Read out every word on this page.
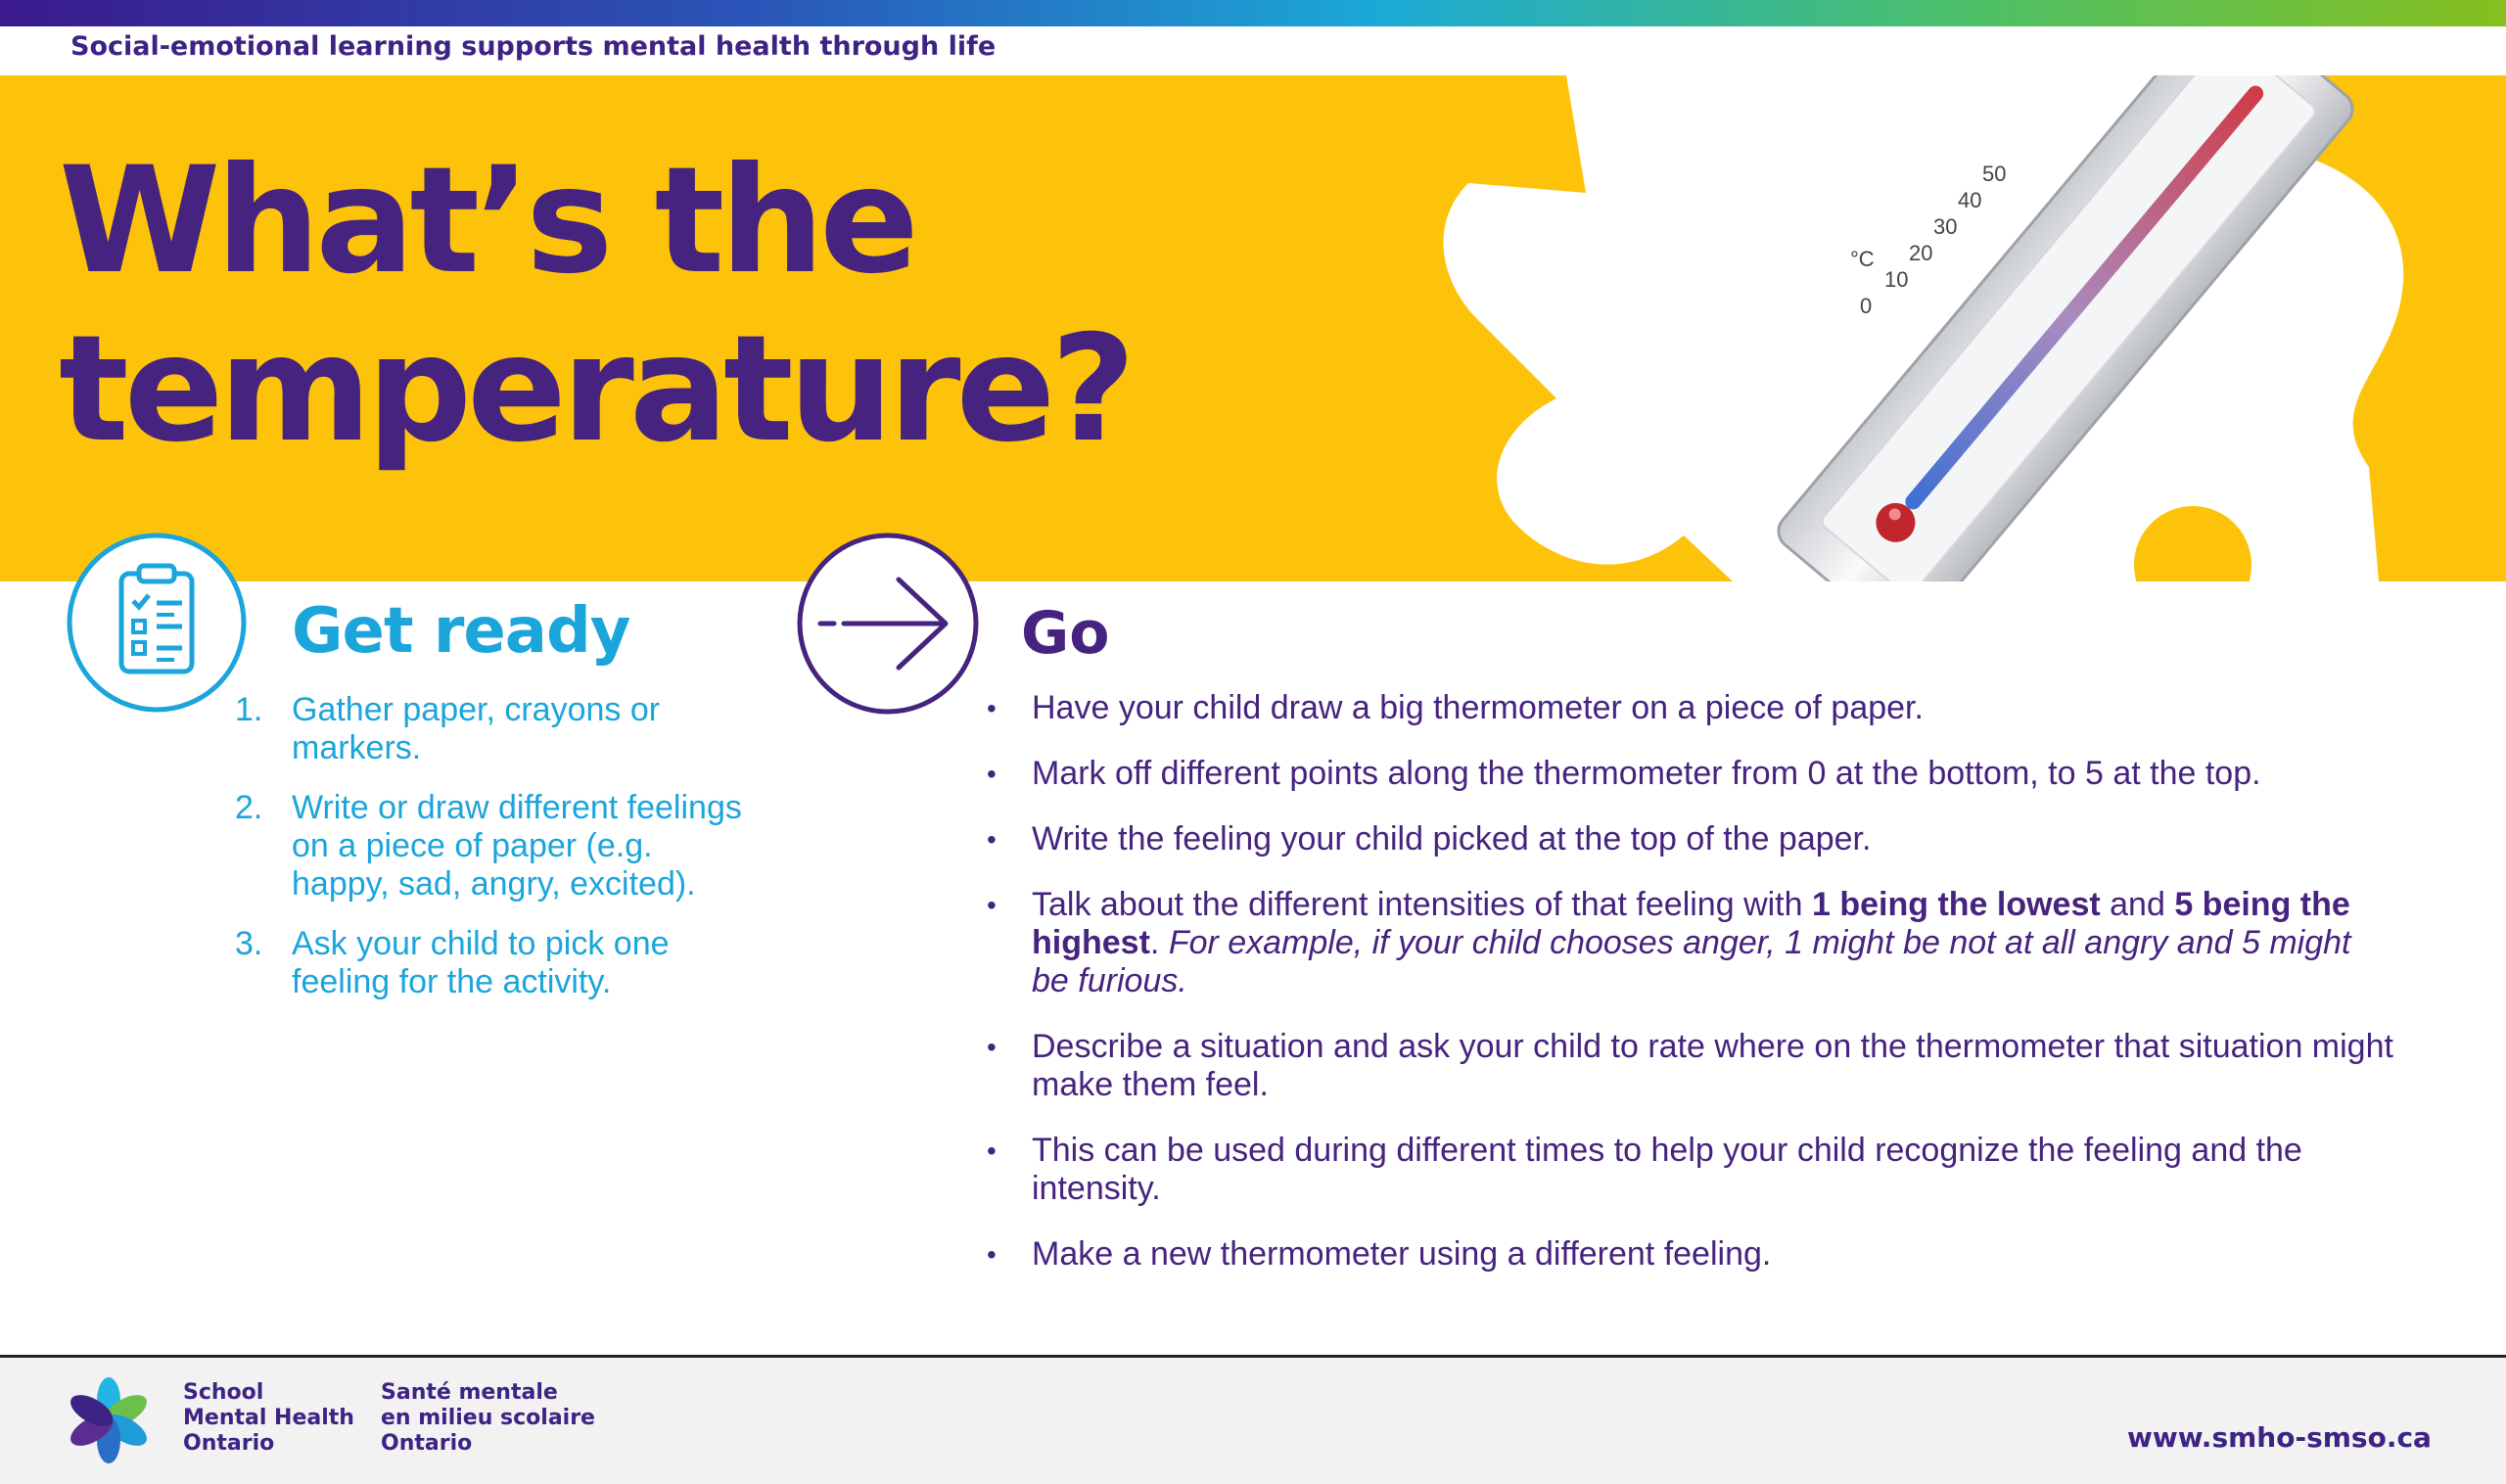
Social-emotional learning supports mental health through life
°C
50
40
30
20
10
0
What’s the
temperature?
Get ready
1. Gather paper, crayons or markers.
2. Write or draw different feelings on a piece of paper (e.g. happy, sad, angry, excited).
3. Ask your child to pick one feeling for the activity.
Go
• Have your child draw a big thermometer on a piece of paper.
• Mark off different points along the thermometer from 0 at the bottom, to 5 at the top.
• Write the feeling your child picked at the top of the paper.
• Talk about the different intensities of that feeling with 1 being the lowest and 5 being the highest. For example, if your child chooses anger, 1 might be not at all angry and 5 might be furious.
• Describe a situation and ask your child to rate where on the thermometer that situation might make them feel.
• This can be used during different times to help your child recognize the feeling and the intensity.
• Make a new thermometer using a different feeling.
School
Mental Health
Ontario
Santé mentale
en milieu scolaire
Ontario	www.smho-smso.ca
